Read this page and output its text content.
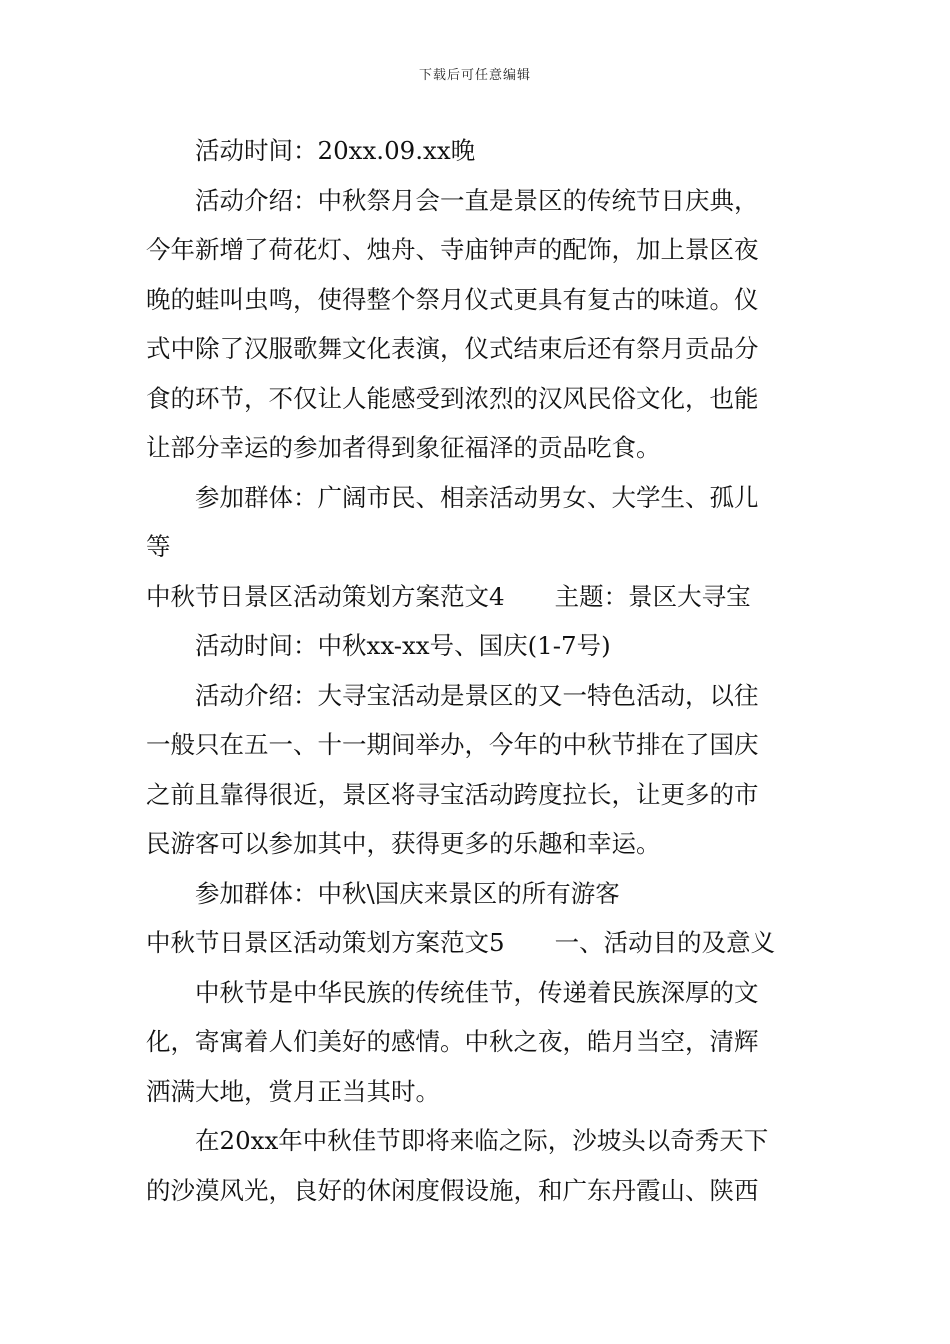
下载后可任意编辑

活动时间：20xx.09.xx晚

活动介绍：中秋祭月会一直是景区的传统节日庆典，

今年新增了荷花灯、烛舟、寺庙钟声的配饰，加上景区夜

晚的蛙叫虫鸣，使得整个祭月仪式更具有复古的味道。仪

式中除了汉服歌舞文化表演，仪式结束后还有祭月贡品分

食的环节，不仅让人能感受到浓烈的汉风民俗文化，也能

让部分幸运的参加者得到象征福泽的贡品吃食。

参加群体：广阔市民、相亲活动男女、大学生、孤儿

等

中秋节日景区活动策划方案范文4 主题：景区大寻宝

活动时间：中秋xx-xx号、国庆(1-7号)

活动介绍：大寻宝活动是景区的又一特色活动，以往

一般只在五一、十一期间举办，今年的中秋节排在了国庆

之前且靠得很近，景区将寻宝活动跨度拉长，让更多的市

民游客可以参加其中，获得更多的乐趣和幸运。

参加群体：中秋\国庆来景区的所有游客

中秋节日景区活动策划方案范文5 一、活动目的及意义

中秋节是中华民族的传统佳节，传递着民族深厚的文

化，寄寓着人们美好的感情。中秋之夜，皓月当空，清辉

洒满大地，赏月正当其时。

在20xx年中秋佳节即将来临之际，沙坡头以奇秀天下

的沙漠风光，良好的休闲度假设施，和广东丹霞山、陕西
